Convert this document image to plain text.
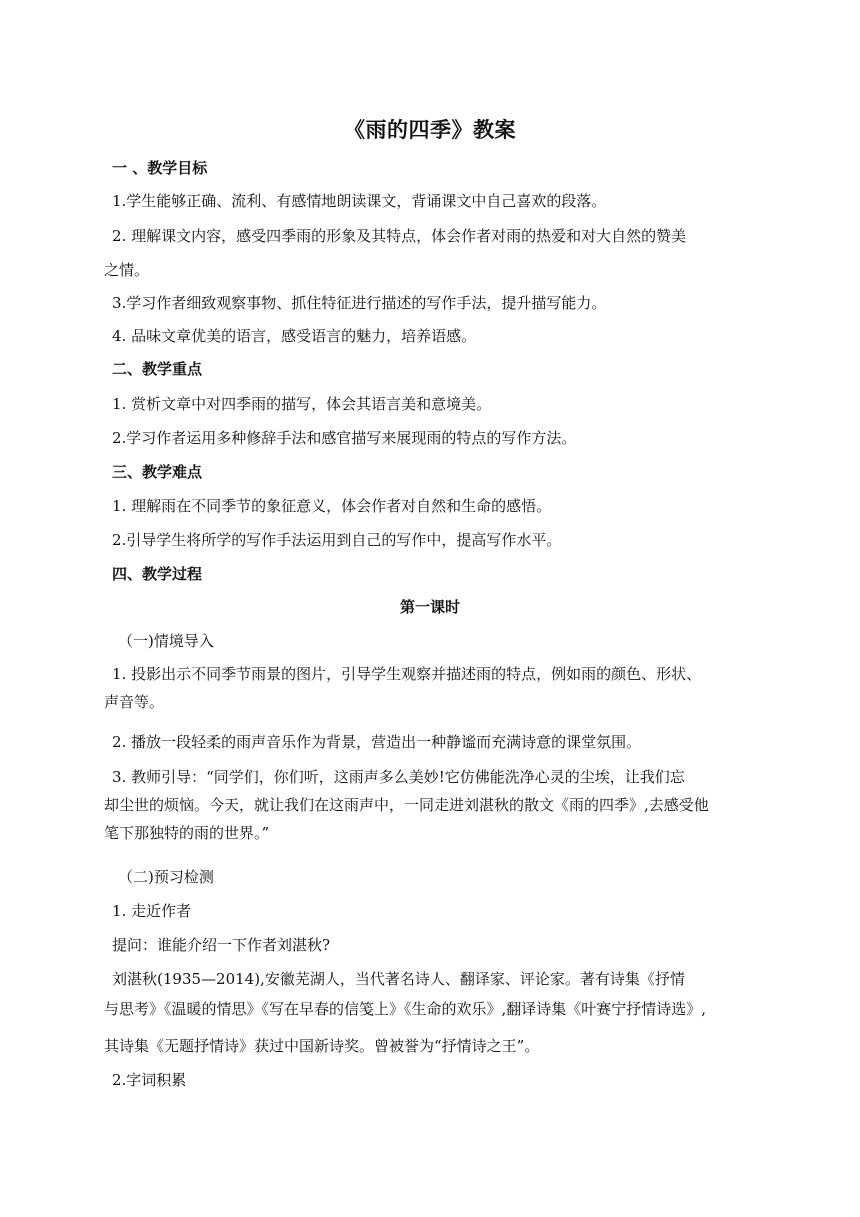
《雨的四季》教案
一 、教学目标
1.学生能够正确、流利、有感情地朗读课文，背诵课文中自己喜欢的段落。
2. 理解课文内容，感受四季雨的形象及其特点，体会作者对雨的热爱和对大自然的赞美
之情。
3.学习作者细致观察事物、抓住特征进行描述的写作手法，提升描写能力。
4. 品味文章优美的语言，感受语言的魅力，培养语感。
二、教学重点
1. 赏析文章中对四季雨的描写，体会其语言美和意境美。
2.学习作者运用多种修辞手法和感官描写来展现雨的特点的写作方法。
三、教学难点
1. 理解雨在不同季节的象征意义，体会作者对自然和生命的感悟。
2.引导学生将所学的写作手法运用到自己的写作中，提高写作水平。
四、教学过程
第一课时
（一)情境导入
1. 投影出示不同季节雨景的图片，引导学生观察并描述雨的特点，例如雨的颜色、形状、
声音等。
2. 播放一段轻柔的雨声音乐作为背景，营造出一种静谧而充满诗意的课堂氛围。
3. 教师引导：“同学们，你们听，这雨声多么美妙!它仿佛能洗净心灵的尘埃，让我们忘
却尘世的烦恼。今天，就让我们在这雨声中，一同走进刘湛秋的散文《雨的四季》,去感受他
笔下那独特的雨的世界。”
（二)预习检测
1. 走近作者
提问：谁能介绍一下作者刘湛秋?
刘湛秋(1935—2014),安徽芜湖人，当代著名诗人、翻译家、评论家。著有诗集《抒情
与思考》《温暖的情思》《写在早春的信笺上》《生命的欢乐》,翻译诗集《叶赛宁抒情诗选》,
其诗集《无题抒情诗》获过中国新诗奖。曾被誉为“抒情诗之王”。
2.字词积累
